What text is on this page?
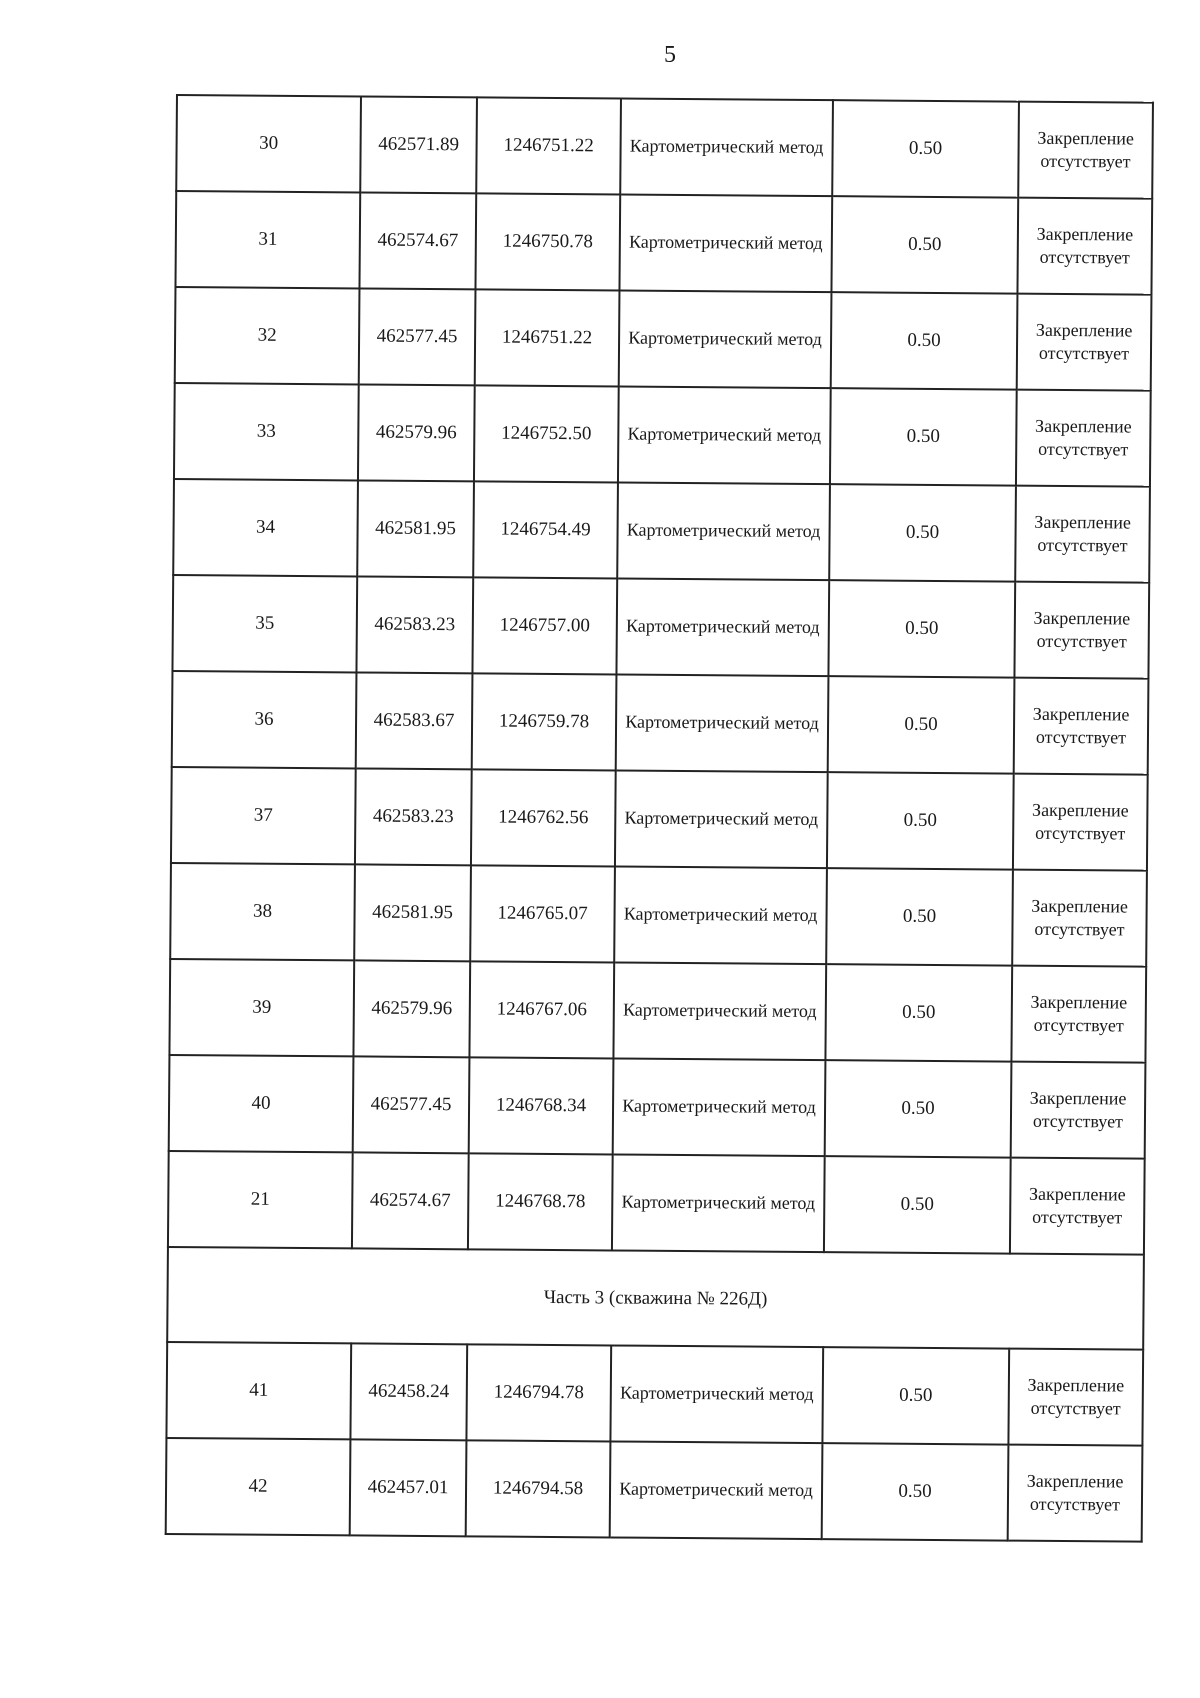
5
30	462571.89	1246751.22	Картометрический метод	0.50	Закрепление отсутствует
31	462574.67	1246750.78	Картометрический метод	0.50	Закрепление отсутствует
32	462577.45	1246751.22	Картометрический метод	0.50	Закрепление отсутствует
33	462579.96	1246752.50	Картометрический метод	0.50	Закрепление отсутствует
34	462581.95	1246754.49	Картометрический метод	0.50	Закрепление отсутствует
35	462583.23	1246757.00	Картометрический метод	0.50	Закрепление отсутствует
36	462583.67	1246759.78	Картометрический метод	0.50	Закрепление отсутствует
37	462583.23	1246762.56	Картометрический метод	0.50	Закрепление отсутствует
38	462581.95	1246765.07	Картометрический метод	0.50	Закрепление отсутствует
39	462579.96	1246767.06	Картометрический метод	0.50	Закрепление отсутствует
40	462577.45	1246768.34	Картометрический метод	0.50	Закрепление отсутствует
21	462574.67	1246768.78	Картометрический метод	0.50	Закрепление отсутствует
Часть 3 (скважина № 226Д)					
41	462458.24	1246794.78	Картометрический метод	0.50	Закрепление отсутствует
42	462457.01	1246794.58	Картометрический метод	0.50	Закрепление отсутствует
